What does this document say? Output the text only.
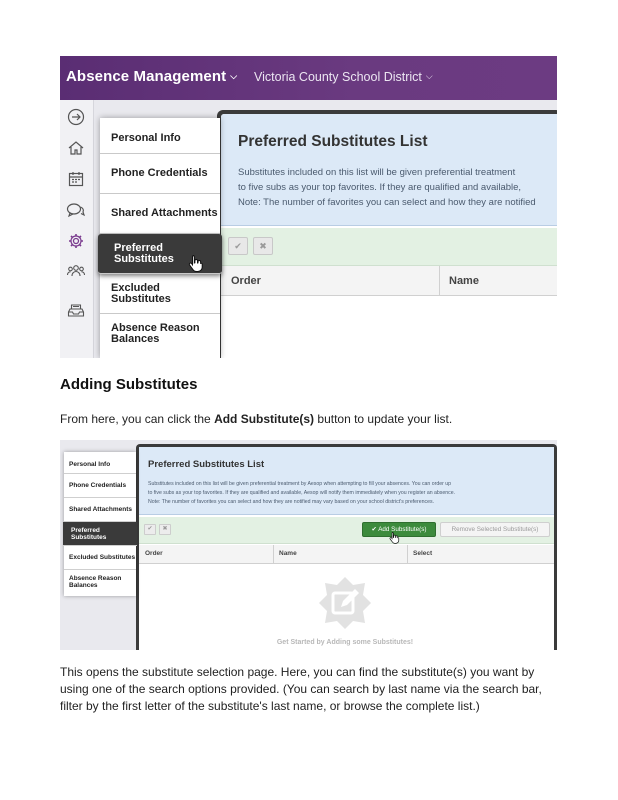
Absence Management ⌵ Victoria County School District ⌵
Preferred Substitutes List
Substitutes included on this list will be given preferential treatment
to five subs as your top favorites. If they are qualified and available,
Note: The number of favorites you can select and how they are notified
✔	✖
Order	Name
Personal Info
Phone Credentials
Shared Attachments
Preferred Substitutes
Excluded Substitutes
Absence Reason Balances
Adding Substitutes
From here, you can click the Add Substitute(s) button to update your list.
Preferred Substitutes List
Substitutes included on this list will be given preferential treatment by Aesop when attempting to fill your absences. You can order up
to five subs as your top favorites. If they are qualified and available, Aesop will notify them immediately when you register an absence.
Note: The number of favorites you can select and how they are notified may vary based on your school district's preferences.
✔	✖	✔ Add Substitute(s)	Remove Selected Substitute(s)
Order	Name	Select
Get Started by Adding some Substitutes!
Personal Info
Phone Credentials
Shared Attachments
Preferred Substitutes
Excluded Substitutes
Absence Reason Balances
This opens the substitute selection page. Here, you can find the substitute(s) you want by using one of the search options provided. (You can search by last name via the search bar, filter by the first letter of the substitute's last name, or browse the complete list.)
